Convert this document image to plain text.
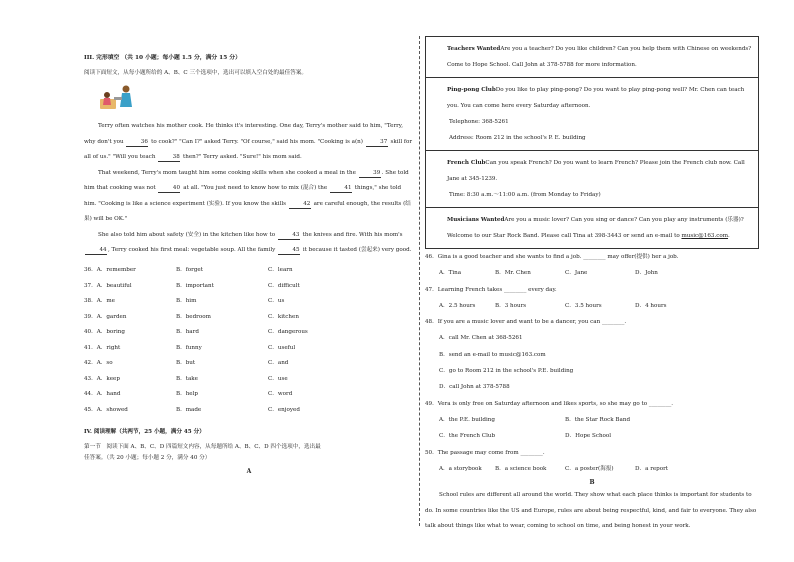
III. 完形填空 （共 10 小题；每小题 1.5 分，满分 15 分）

阅读下面短文，从每小题所给的 A、B、C 三个选项中，选出可以填入空白处的最佳答案。

Terry often watches his mother cook. He thinks it's interesting. One day, Terry's mother said to him, "Terry, why don't you	36 to cook?" "Can I?" asked Terry. "Of course," said his mom. "Cooking is a(n)	37 skill for all of us." "Will you teach	38 then?" Terry asked. "Sure!" his mom said.

That weekend, Terry's mom taught him some cooking skills when she cooked a meal in the	39. She told him that cooking was not	40 at all. "You just need to know how to mix (混合) the	41 things," she told him. "Cooking is like a science experiment (实验). If you know the skills	42 are careful enough, the results (结果) will be OK."

She also told him about safety (安全) in the kitchen like how to	43 the knives and fire. With his mom's 44, Terry cooked his first meal: vegetable soup. All the family	45 it because it tasted (尝起来) very good.

36．A．remember	B．forget	C．learn
37．A．beautiful	B．important	C．difficult
38．A．me	B．him	C．us
39．A．garden	B．bedroom	C．kitchen
40．A．boring	B．hard	C．dangerous
41．A．right	B．funny	C．useful
42．A．so	B．but	C．and
43．A．keep	B．take	C．use
44．A．hand	B．help	C．word
45．A．showed	B．made	C．enjoyed

IV. 阅读理解（共两节，25 小题，满分 45 分）

第一节　阅读下面 A、B、C、D 四篇短文内容，从每题所给 A、B、C、D 四个选项中，选出最

佳答案。（共 20 小题；每小题 2 分，满分 40 分）

A

Teachers WantedAre you a teacher? Do you like children? Can you help them with Chinese on weekends? Come to Hope School. Call John at 378-5788 for more information.

Ping-pong ClubDo you like to play ping-pong? Do you want to play ping-pong well? Mr. Chen can teach you. You can come here every Saturday afternoon.

Telephone: 368-5261

Address: Room 212 in the school's P. E. building

French ClubCan you speak French? Do you want to learn French? Please join the French club now. Call Jane at 345-1239.

Time: 8:30 a.m.～11:00 a.m. (from Monday to Friday)

Musicians WantedAre you a music lover? Can you sing or dance? Can you play any instruments (乐器)? Welcome to our Star Rock Band. Please call Tina at 398-3443 or send an e-mail to music@163.com.

46．Gina is a good teacher and she wants to find a job. ________ may offer(提供) her a job.

A．Tina	B．Mr. Chen	C．Jane	D．John

47．Learning French takes ________ every day.

A．2.5 hours	B．3 hours	C．3.5 hours	D．4 hours

48．If you are a music lover and want to be a dancer, you can ________.

A．call Mr. Chen at 368-5261

B．send an e-mail to music@163.com

C．go to Room 212 in the school's P.E. building

D．call John at 378-5788

49．Vera is only free on Saturday afternoon and likes sports, so she may go to ________.

A．the P.E. building	B．the Star Rock Band
C．the French Club	D．Hope School

50．The passage may come from ________.

A．a storybook	B．a science book	C．a poster(海报)	D．a report

B

School rules are different all around the world. They show what each place thinks is important for students to do. In some countries like the US and Europe, rules are about being respectful, kind, and fair to everyone. They also talk about things like what to wear, coming to school on time, and being honest in your work.
